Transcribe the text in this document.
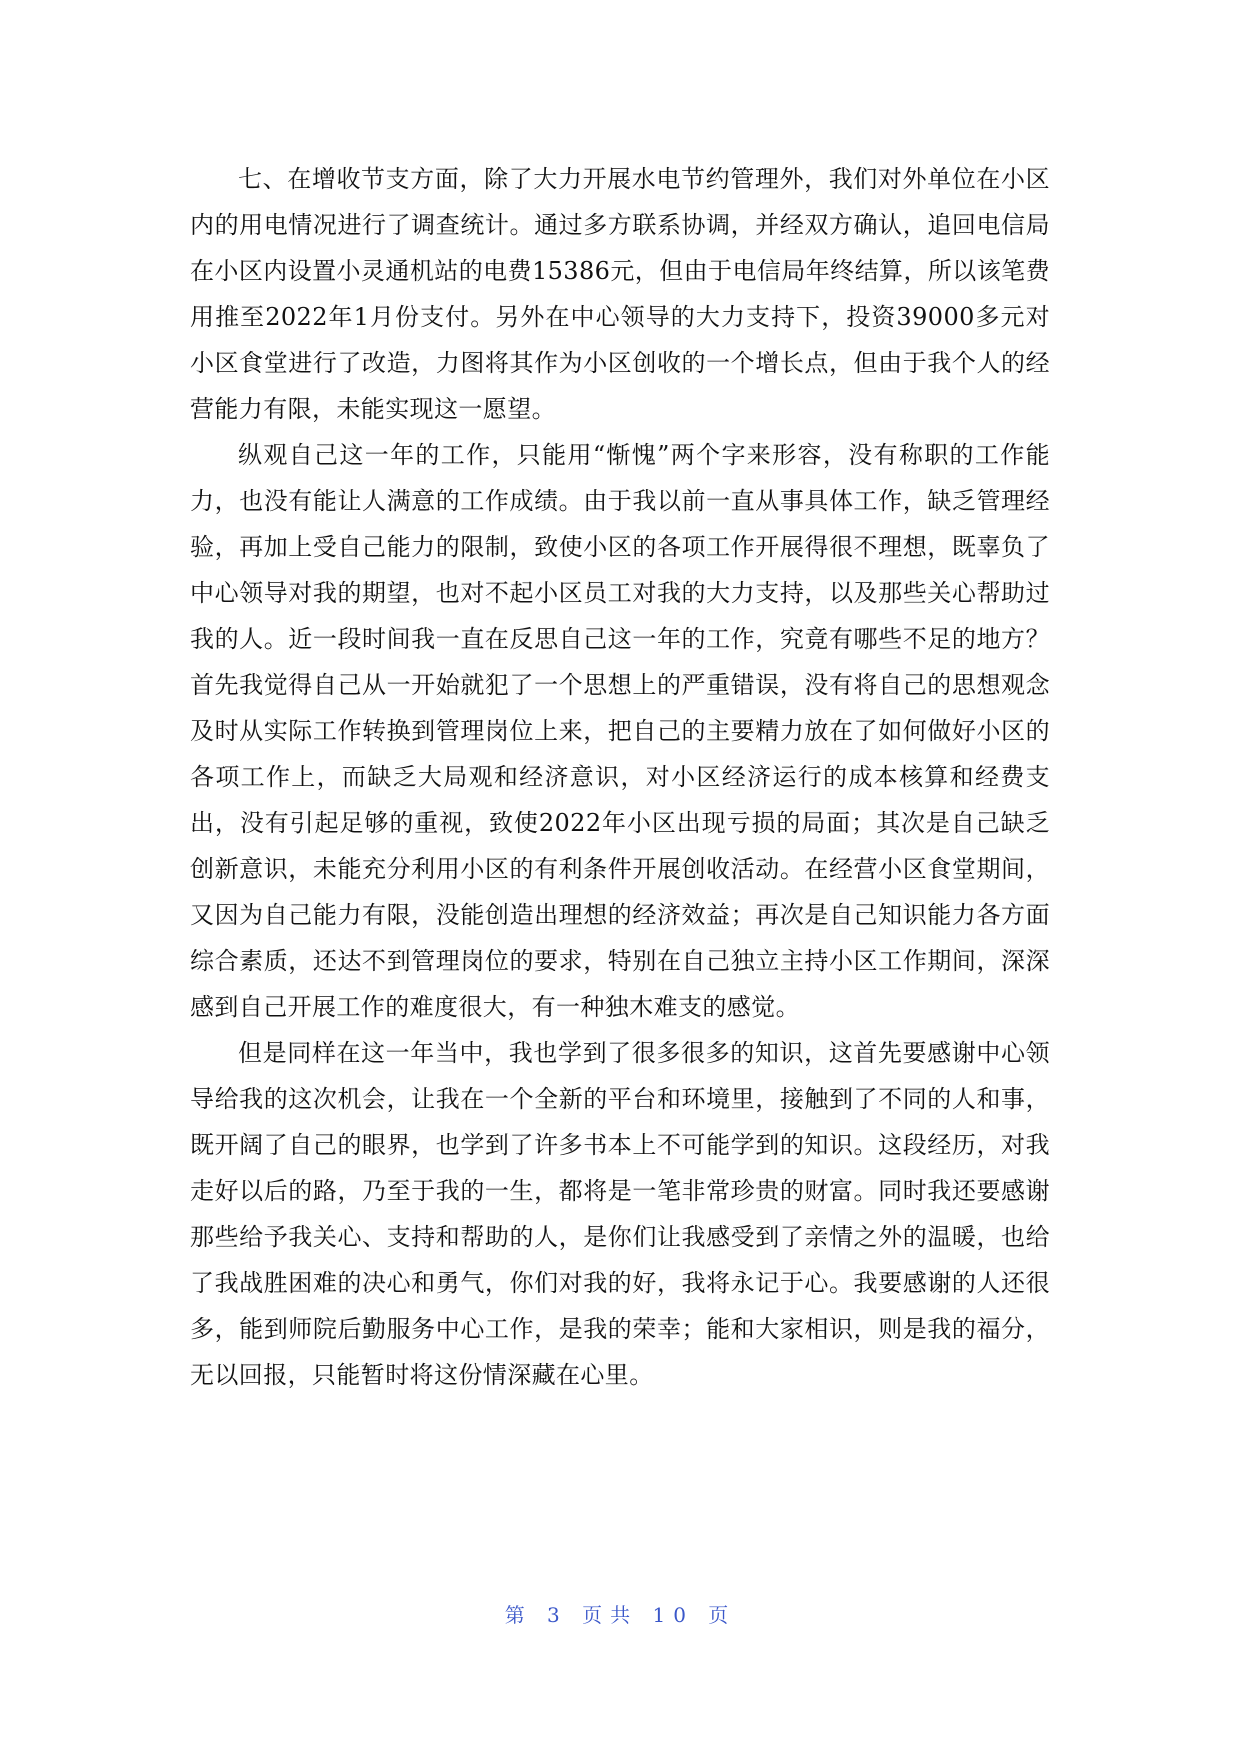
七、在增收节支方面，除了大力开展水电节约管理外，我们对外单位在小区内的用电情况进行了调查统计。通过多方联系协调，并经双方确认，追回电信局在小区内设置小灵通机站的电费15386元，但由于电信局年终结算，所以该笔费用推至2022年1月份支付。另外在中心领导的大力支持下，投资39000多元对小区食堂进行了改造，力图将其作为小区创收的一个增长点，但由于我个人的经营能力有限，未能实现这一愿望。

纵观自己这一年的工作，只能用“惭愧”两个字来形容，没有称职的工作能力，也没有能让人满意的工作成绩。由于我以前一直从事具体工作，缺乏管理经验，再加上受自己能力的限制，致使小区的各项工作开展得很不理想，既辜负了中心领导对我的期望，也对不起小区员工对我的大力支持，以及那些关心帮助过我的人。近一段时间我一直在反思自己这一年的工作，究竟有哪些不足的地方？首先我觉得自己从一开始就犯了一个思想上的严重错误，没有将自己的思想观念及时从实际工作转换到管理岗位上来，把自己的主要精力放在了如何做好小区的各项工作上，而缺乏大局观和经济意识，对小区经济运行的成本核算和经费支出，没有引起足够的重视，致使2022年小区出现亏损的局面；其次是自己缺乏创新意识，未能充分利用小区的有利条件开展创收活动。在经营小区食堂期间，又因为自己能力有限，没能创造出理想的经济效益；再次是自己知识能力各方面综合素质，还达不到管理岗位的要求，特别在自己独立主持小区工作期间，深深感到自己开展工作的难度很大，有一种独木难支的感觉。

但是同样在这一年当中，我也学到了很多很多的知识，这首先要感谢中心领导给我的这次机会，让我在一个全新的平台和环境里，接触到了不同的人和事，既开阔了自己的眼界，也学到了许多书本上不可能学到的知识。这段经历，对我走好以后的路，乃至于我的一生，都将是一笔非常珍贵的财富。同时我还要感谢那些给予我关心、支持和帮助的人，是你们让我感受到了亲情之外的温暖，也给了我战胜困难的决心和勇气，你们对我的好，我将永记于心。我要感谢的人还很多，能到师院后勤服务中心工作，是我的荣幸；能和大家相识，则是我的福分，无以回报，只能暂时将这份情深藏在心里。

第 3 页共 10 页
